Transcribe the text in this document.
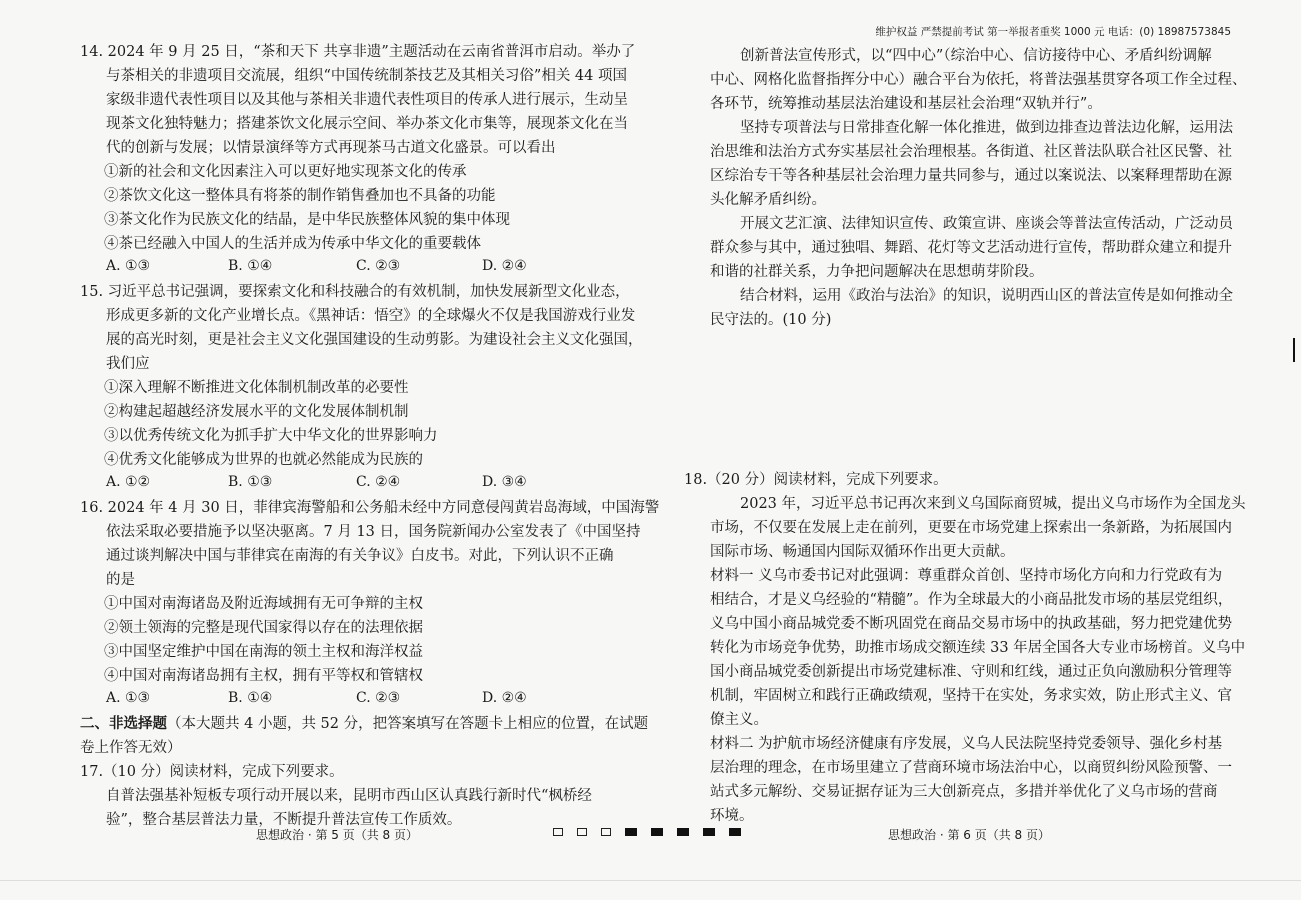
维护权益 严禁提前考试 第一举报者重奖 1000 元 电话：(0) 18987573845
14. 2024 年 9 月 25 日，“茶和天下 共享非遗”主题活动在云南省普洱市启动。举办了
与茶相关的非遗项目交流展，组织“中国传统制茶技艺及其相关习俗”相关 44 项国
家级非遗代表性项目以及其他与茶相关非遗代表性项目的传承人进行展示，生动呈
现茶文化独特魅力；搭建茶饮文化展示空间、举办茶文化市集等，展现茶文化在当
代的创新与发展；以情景演绎等方式再现茶马古道文化盛景。可以看出
①新的社会和文化因素注入可以更好地实现茶文化的传承
②茶饮文化这一整体具有将茶的制作销售叠加也不具备的功能
③茶文化作为民族文化的结晶，是中华民族整体风貌的集中体现
④茶已经融入中国人的生活并成为传承中华文化的重要载体
A. ①③	B. ①④	C. ②③	D. ②④
15. 习近平总书记强调，要探索文化和科技融合的有效机制，加快发展新型文化业态，
形成更多新的文化产业增长点。《黑神话：悟空》的全球爆火不仅是我国游戏行业发
展的高光时刻，更是社会主义文化强国建设的生动剪影。为建设社会主义文化强国，
我们应
①深入理解不断推进文化体制机制改革的必要性
②构建起超越经济发展水平的文化发展体制机制
③以优秀传统文化为抓手扩大中华文化的世界影响力
④优秀文化能够成为世界的也就必然能成为民族的
A. ①②	B. ①③	C. ②④	D. ③④
16. 2024 年 4 月 30 日，菲律宾海警船和公务船未经中方同意侵闯黄岩岛海域，中国海警
依法采取必要措施予以坚决驱离。7 月 13 日，国务院新闻办公室发表了《中国坚持
通过谈判解决中国与菲律宾在南海的有关争议》白皮书。对此，下列认识不正确
的是
①中国对南海诸岛及附近海域拥有无可争辩的主权
②领土领海的完整是现代国家得以存在的法理依据
③中国坚定维护中国在南海的领土主权和海洋权益
④中国对南海诸岛拥有主权，拥有平等权和管辖权
A. ①③	B. ①④	C. ②③	D. ②④
二、非选择题（本大题共 4 小题，共 52 分，把答案填写在答题卡上相应的位置，在试题
卷上作答无效）
17.（10 分）阅读材料，完成下列要求。
自普法强基补短板专项行动开展以来，昆明市西山区认真践行新时代“枫桥经
验”，整合基层普法力量，不断提升普法宣传工作质效。
思想政治 · 第 5 页（共 8 页）
创新普法宣传形式，以“四中心”（综治中心、信访接待中心、矛盾纠纷调解
中心、网格化监督指挥分中心）融合平台为依托，将普法强基贯穿各项工作全过程、
各环节，统筹推动基层法治建设和基层社会治理“双轨并行”。
坚持专项普法与日常排查化解一体化推进，做到边排查边普法边化解，运用法
治思维和法治方式夯实基层社会治理根基。各街道、社区普法队联合社区民警、社
区综治专干等各种基层社会治理力量共同参与，通过以案说法、以案释理帮助在源
头化解矛盾纠纷。
开展文艺汇演、法律知识宣传、政策宣讲、座谈会等普法宣传活动，广泛动员
群众参与其中，通过独唱、舞蹈、花灯等文艺活动进行宣传，帮助群众建立和提升
和谐的社群关系，力争把问题解决在思想萌芽阶段。
结合材料，运用《政治与法治》的知识，说明西山区的普法宣传是如何推动全
民守法的。(10 分)
18.（20 分）阅读材料，完成下列要求。
2023 年，习近平总书记再次来到义乌国际商贸城，提出义乌市场作为全国龙头
市场，不仅要在发展上走在前列，更要在市场党建上探索出一条新路，为拓展国内
国际市场、畅通国内国际双循环作出更大贡献。
材料一 义乌市委书记对此强调：尊重群众首创、坚持市场化方向和力行党政有为
相结合，才是义乌经验的“精髓”。作为全球最大的小商品批发市场的基层党组织，
义乌中国小商品城党委不断巩固党在商品交易市场中的执政基础，努力把党建优势
转化为市场竞争优势，助推市场成交额连续 33 年居全国各大专业市场榜首。义乌中
国小商品城党委创新提出市场党建标准、守则和红线，通过正负向激励积分管理等
机制，牢固树立和践行正确政绩观，坚持干在实处，务求实效，防止形式主义、官
僚主义。
材料二 为护航市场经济健康有序发展，义乌人民法院坚持党委领导、强化乡村基
层治理的理念，在市场里建立了营商环境市场法治中心，以商贸纠纷风险预警、一
站式多元解纷、交易证据存证为三大创新亮点，多措并举优化了义乌市场的营商
环境。
思想政治 · 第 6 页（共 8 页）
